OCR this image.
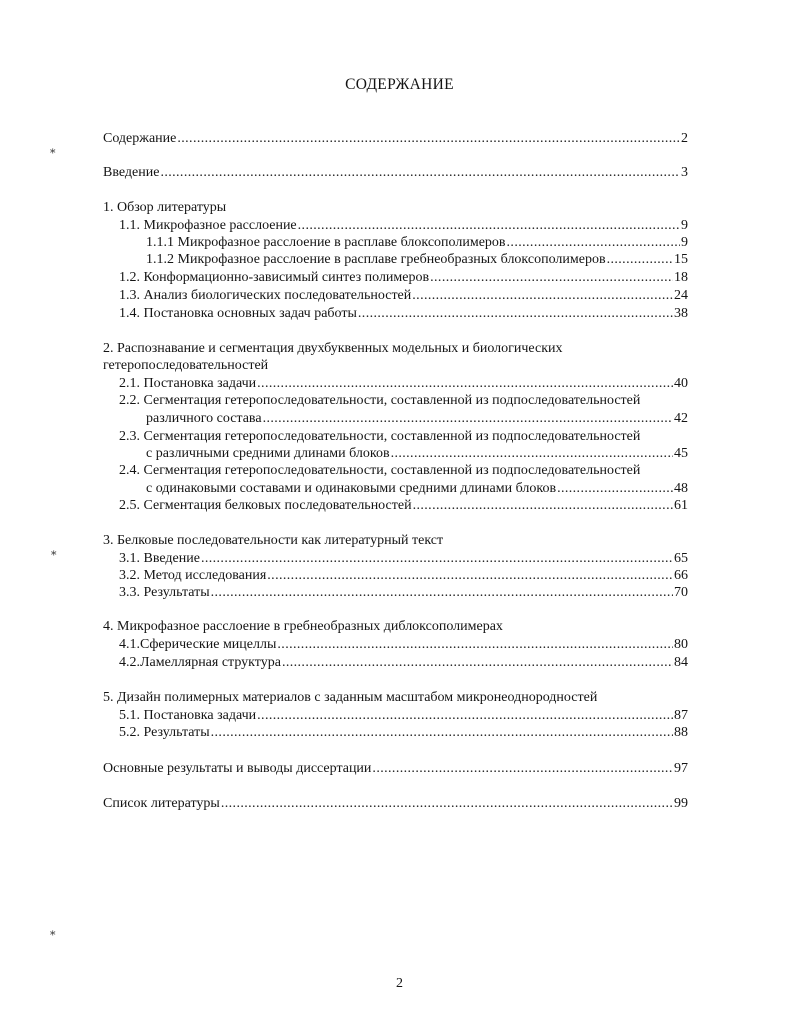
СОДЕРЖАНИЕ
Содержание .....	2
Введение .....	3
1. Обзор литературы
1.1. Микрофазное расслоение .....	9
1.1.1 Микрофазное расслоение в расплаве блоксополимеров .....	9
1.1.2 Микрофазное расслоение в расплаве гребнеобразных блоксополимеров .....	15
1.2. Конформационно-зависимый синтез полимеров .....	18
1.3. Анализ биологических последовательностей .....	24
1.4. Постановка основных задач работы .....	38
2. Распознавание и сегментация двухбуквенных модельных и биологических
гетеропоследовательностей
2.1. Постановка задачи .....	40
2.2. Сегментация гетеропоследовательности, составленной из подпоследовательностей
различного состава .....	42
2.3. Сегментация гетеропоследовательности, составленной из подпоследовательностей
с различными средними длинами блоков .....	45
2.4. Сегментация гетеропоследовательности, составленной из подпоследовательностей
с одинаковыми составами и одинаковыми средними длинами блоков .....	48
2.5. Сегментация белковых последовательностей .....	61
3. Белковые последовательности как литературный текст
3.1. Введение .....	65
3.2. Метод исследования .....	66
3.3. Результаты .....	70
4. Микрофазное расслоение в гребнеобразных диблоксополимерах
4.1.Сферические мицеллы .....	80
4.2.Ламеллярная структура .....	84
5. Дизайн полимерных материалов с заданным масштабом микронеоднородностей
5.1. Постановка задачи .....	87
5.2. Результаты .....	88
Основные результаты и выводы диссертации .....	97
Список литературы .....	99
⁎
⁎
⁎
2
